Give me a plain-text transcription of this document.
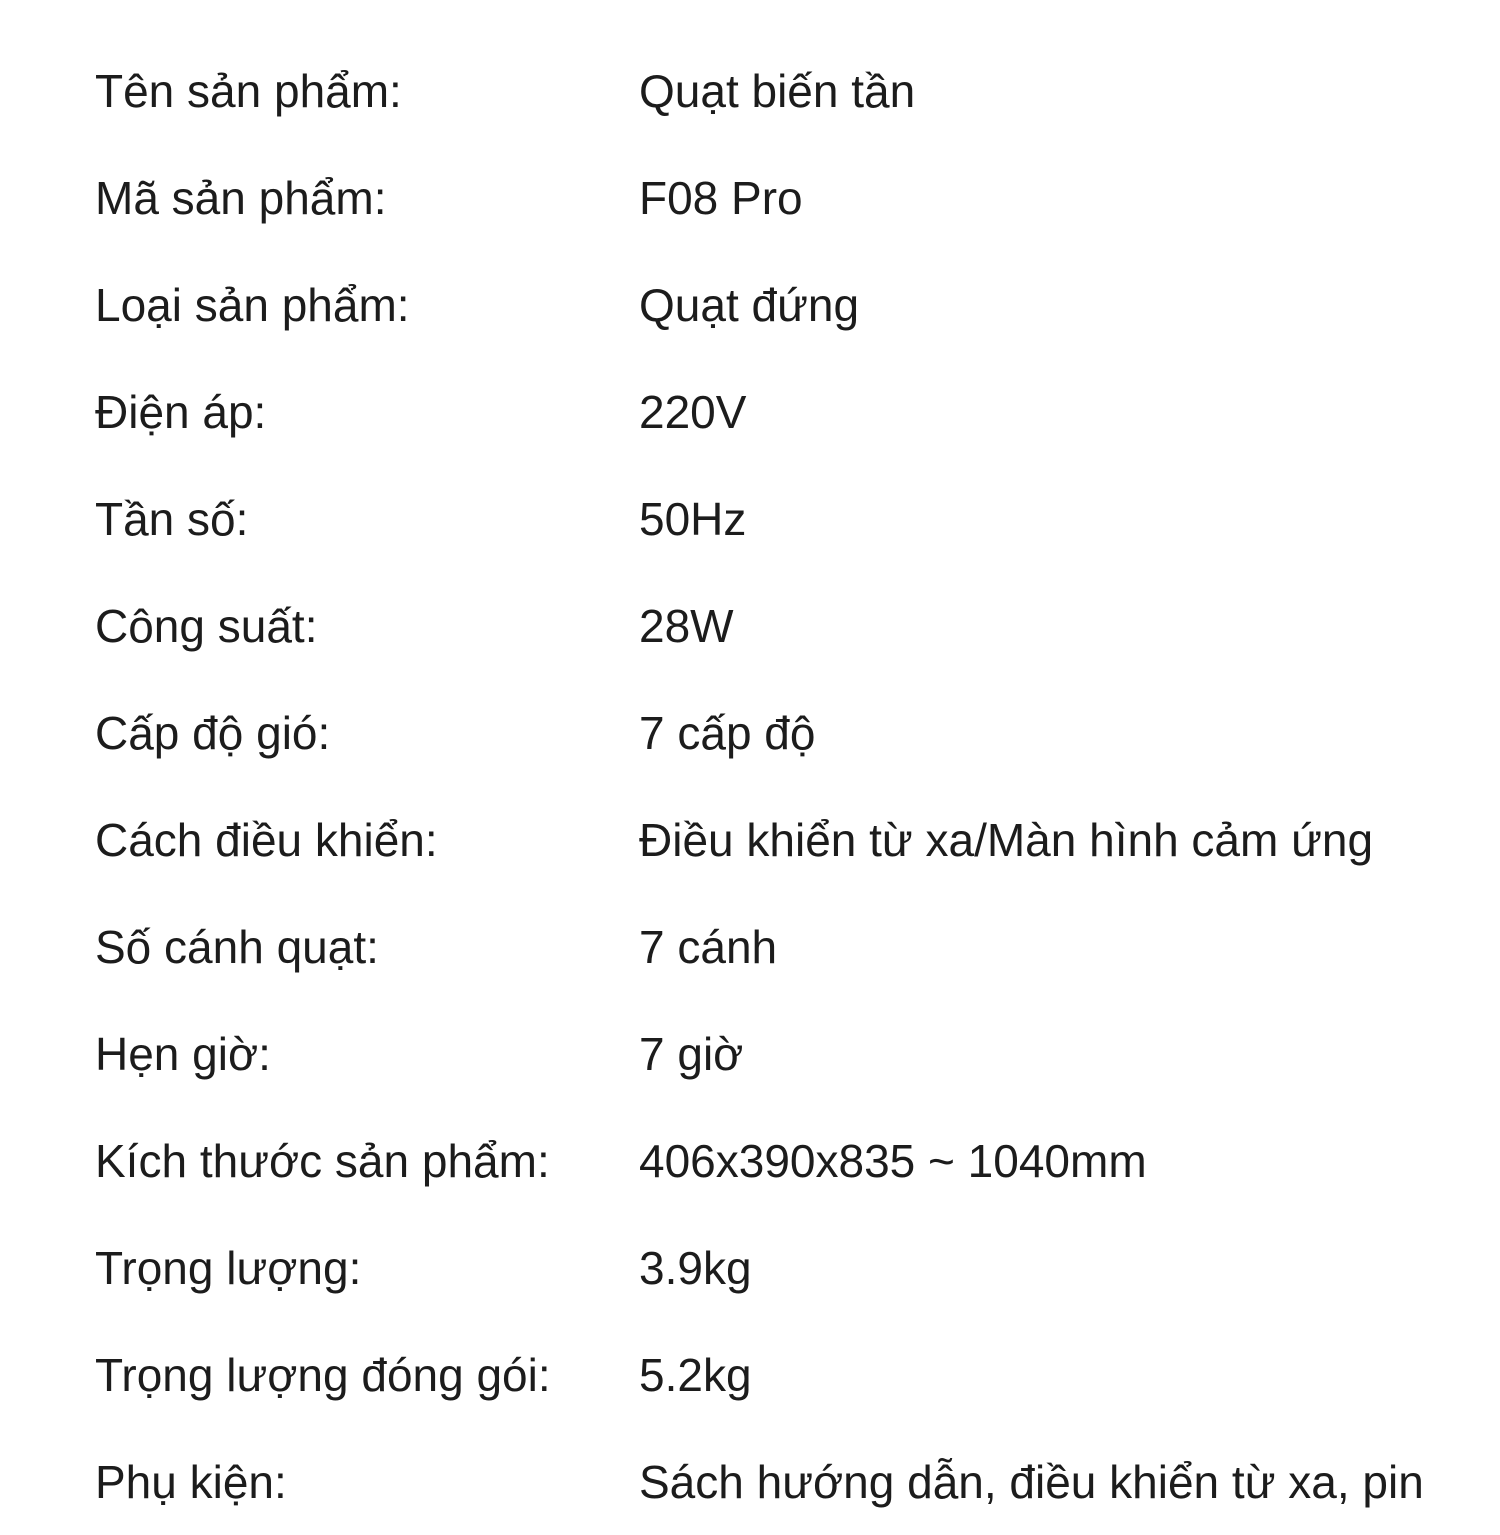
Tên sản phẩm:	Quạt biến tần
Mã sản phẩm:	F08 Pro
Loại sản phẩm:	Quạt đứng
Điện áp:	220V
Tần số:	50Hz
Công suất:	28W
Cấp độ gió:	7 cấp độ
Cách điều khiển:	Điều khiển từ xa/Màn hình cảm ứng
Số cánh quạt:	7 cánh
Hẹn giờ:	7 giờ
Kích thước sản phẩm:	406x390x835 ~ 1040mm
Trọng lượng:	3.9kg
Trọng lượng đóng gói:	5.2kg
Phụ kiện:	Sách hướng dẫn, điều khiển từ xa, pin
